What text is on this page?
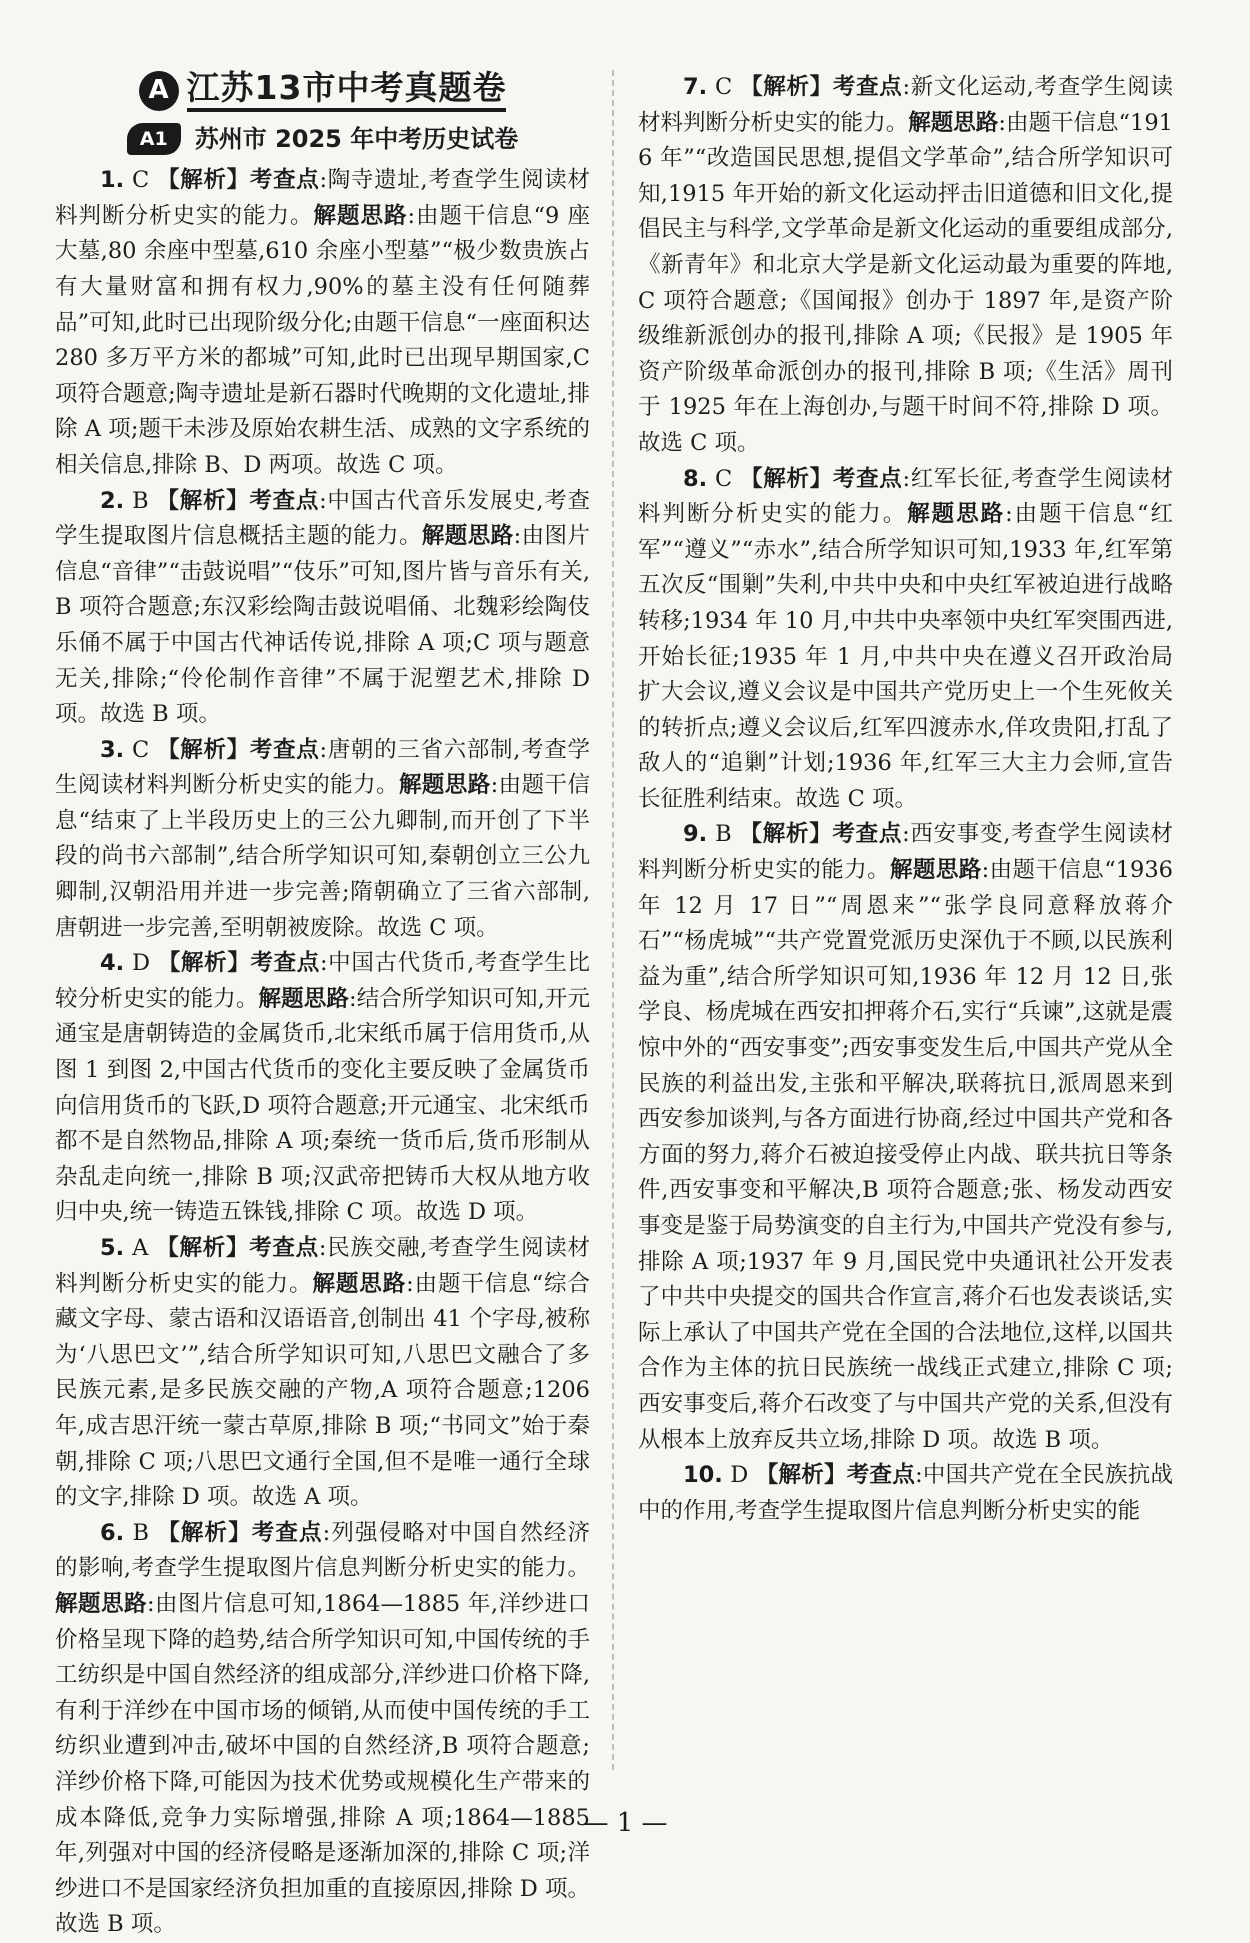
A 江苏13市中考真题卷
A1	苏州市 2025 年中考历史试卷

1. C 【解析】考查点:陶寺遗址,考查学生阅读材料判断分析史实的能力。解题思路:由题干信息“9 座大墓,80 余座中型墓,610 余座小型墓”“极少数贵族占有大量财富和拥有权力,90%的墓主没有任何随葬品”可知,此时已出现阶级分化;由题干信息“一座面积达 280 多万平方米的都城”可知,此时已出现早期国家,C 项符合题意;陶寺遗址是新石器时代晚期的文化遗址,排除 A 项;题干未涉及原始农耕生活、成熟的文字系统的相关信息,排除 B、D 两项。故选 C 项。

2. B 【解析】考查点:中国古代音乐发展史,考查学生提取图片信息概括主题的能力。解题思路:由图片信息“音律”“击鼓说唱”“伎乐”可知,图片皆与音乐有关,B 项符合题意;东汉彩绘陶击鼓说唱俑、北魏彩绘陶伎乐俑不属于中国古代神话传说,排除 A 项;C 项与题意无关,排除;“伶伦制作音律”不属于泥塑艺术,排除 D 项。故选 B 项。

3. C 【解析】考查点:唐朝的三省六部制,考查学生阅读材料判断分析史实的能力。解题思路:由题干信息“结束了上半段历史上的三公九卿制,而开创了下半段的尚书六部制”,结合所学知识可知,秦朝创立三公九卿制,汉朝沿用并进一步完善;隋朝确立了三省六部制,唐朝进一步完善,至明朝被废除。故选 C 项。

4. D 【解析】考查点:中国古代货币,考查学生比较分析史实的能力。解题思路:结合所学知识可知,开元通宝是唐朝铸造的金属货币,北宋纸币属于信用货币,从图 1 到图 2,中国古代货币的变化主要反映了金属货币向信用货币的飞跃,D 项符合题意;开元通宝、北宋纸币都不是自然物品,排除 A 项;秦统一货币后,货币形制从杂乱走向统一,排除 B 项;汉武帝把铸币大权从地方收归中央,统一铸造五铢钱,排除 C 项。故选 D 项。

5. A 【解析】考查点:民族交融,考查学生阅读材料判断分析史实的能力。解题思路:由题干信息“综合藏文字母、蒙古语和汉语语音,创制出 41 个字母,被称为‘八思巴文’”,结合所学知识可知,八思巴文融合了多民族元素,是多民族交融的产物,A 项符合题意;1206 年,成吉思汗统一蒙古草原,排除 B 项;“书同文”始于秦朝,排除 C 项;八思巴文通行全国,但不是唯一通行全球的文字,排除 D 项。故选 A 项。

6. B 【解析】考查点:列强侵略对中国自然经济的影响,考查学生提取图片信息判断分析史实的能力。解题思路:由图片信息可知,1864—1885 年,洋纱进口价格呈现下降的趋势,结合所学知识可知,中国传统的手工纺织是中国自然经济的组成部分,洋纱进口价格下降,有利于洋纱在中国市场的倾销,从而使中国传统的手工纺织业遭到冲击,破坏中国的自然经济,B 项符合题意;洋纱价格下降,可能因为技术优势或规模化生产带来的成本降低,竞争力实际增强,排除 A 项;1864—1885 年,列强对中国的经济侵略是逐渐加深的,排除 C 项;洋纱进口不是国家经济负担加重的直接原因,排除 D 项。故选 B 项。

7. C 【解析】考查点:新文化运动,考查学生阅读材料判断分析史实的能力。解题思路:由题干信息“1916 年”“改造国民思想,提倡文学革命”,结合所学知识可知,1915 年开始的新文化运动抨击旧道德和旧文化,提倡民主与科学,文学革命是新文化运动的重要组成部分,《新青年》和北京大学是新文化运动最为重要的阵地,C 项符合题意;《国闻报》创办于 1897 年,是资产阶级维新派创办的报刊,排除 A 项;《民报》是 1905 年资产阶级革命派创办的报刊,排除 B 项;《生活》周刊于 1925 年在上海创办,与题干时间不符,排除 D 项。故选 C 项。

8. C 【解析】考查点:红军长征,考查学生阅读材料判断分析史实的能力。解题思路:由题干信息“红军”“遵义”“赤水”,结合所学知识可知,1933 年,红军第五次反“围剿”失利,中共中央和中央红军被迫进行战略转移;1934 年 10 月,中共中央率领中央红军突围西进,开始长征;1935 年 1 月,中共中央在遵义召开政治局扩大会议,遵义会议是中国共产党历史上一个生死攸关的转折点;遵义会议后,红军四渡赤水,佯攻贵阳,打乱了敌人的“追剿”计划;1936 年,红军三大主力会师,宣告长征胜利结束。故选 C 项。

9. B 【解析】考查点:西安事变,考查学生阅读材料判断分析史实的能力。解题思路:由题干信息“1936 年 12 月 17 日”“周恩来”“张学良同意释放蒋介石”“杨虎城”“共产党置党派历史深仇于不顾,以民族利益为重”,结合所学知识可知,1936 年 12 月 12 日,张学良、杨虎城在西安扣押蒋介石,实行“兵谏”,这就是震惊中外的“西安事变”;西安事变发生后,中国共产党从全民族的利益出发,主张和平解决,联蒋抗日,派周恩来到西安参加谈判,与各方面进行协商,经过中国共产党和各方面的努力,蒋介石被迫接受停止内战、联共抗日等条件,西安事变和平解决,B 项符合题意;张、杨发动西安事变是鉴于局势演变的自主行为,中国共产党没有参与,排除 A 项;1937 年 9 月,国民党中央通讯社公开发表了中共中央提交的国共合作宣言,蒋介石也发表谈话,实际上承认了中国共产党在全国的合法地位,这样,以国共合作为主体的抗日民族统一战线正式建立,排除 C 项;西安事变后,蒋介石改变了与中国共产党的关系,但没有从根本上放弃反共立场,排除 D 项。故选 B 项。

10. D 【解析】考查点:中国共产党在全民族抗战中的作用,考查学生提取图片信息判断分析史实的能

— 1 —
